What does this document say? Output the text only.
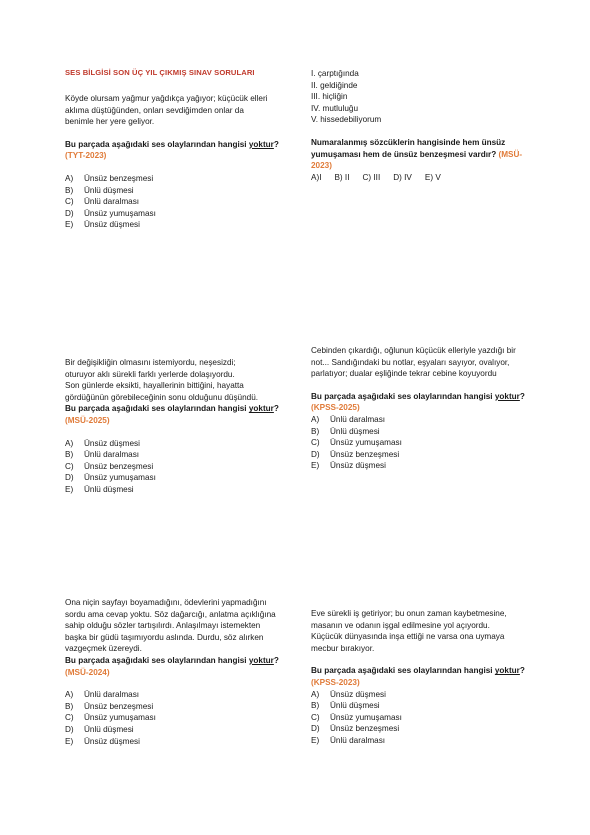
SES BİLGİSİ SON ÜÇ YIL ÇIKMIŞ SINAV SORULARI
Köyde olursam yağmur yağdıkça yağıyor; küçücük elleri
aklıma düştüğünden, onları sevdiğimden onlar da
benimle her yere geliyor.
Bu parçada aşağıdaki ses olaylarından hangisi yoktur?
(TYT-2023)
A)	Ünsüz benzeşmesi
B)	Ünlü düşmesi
C)	Ünlü daralması
D)	Ünsüz yumuşaması
E)	Ünsüz düşmesi
I. çarptığında
II. geldiğinde
III. hiçliğin
IV. mutluluğu
V. hissedebiliyorum
Numaralanmış sözcüklerin hangisinde hem ünsüz
yumuşaması hem de ünsüz benzeşmesi vardır? (MSÜ-
2023)
A)I B) II C) III D) IV E) V
Bir değişikliğin olmasını istemiyordu, neşesizdi;
oturuyor aklı sürekli farklı yerlerde dolaşıyordu.
Son günlerde eksikti, hayallerinin bittiğini, hayatta
gördüğünün görebileceğinin sonu olduğunu düşündü.
Bu parçada aşağıdaki ses olaylarından hangisi yoktur?
(MSÜ-2025)
A)	Ünsüz düşmesi
B)	Ünlü daralması
C)	Ünsüz benzeşmesi
D)	Ünsüz yumuşaması
E)	Ünlü düşmesi
Cebinden çıkardığı, oğlunun küçücük elleriyle yazdığı bir
not... Sandığındaki bu notlar, eşyaları sayıyor, ovalıyor,
parlatıyor; dualar eşliğinde tekrar cebine koyuyordu
Bu parçada aşağıdaki ses olaylarından hangisi yoktur?
(KPSS-2025)
A)	Ünlü daralması
B)	Ünlü düşmesi
C)	Ünsüz yumuşaması
D)	Ünsüz benzeşmesi
E)	Ünsüz düşmesi
Ona niçin sayfayı boyamadığını, ödevlerini yapmadığını
sordu ama cevap yoktu. Söz dağarcığı, anlatma açıklığına
sahip olduğu sözler tartışılırdı. Anlaşılmayı istemekten
başka bir güdü taşımıyordu aslında. Durdu, söz alırken
vazgeçmek üzereydi.
Bu parçada aşağıdaki ses olaylarından hangisi yoktur?
(MSÜ-2024)
A)	Ünlü daralması
B)	Ünsüz benzeşmesi
C)	Ünsüz yumuşaması
D)	Ünlü düşmesi
E)	Ünsüz düşmesi
Eve sürekli iş getiriyor; bu onun zaman kaybetmesine,
masanın ve odanın işgal edilmesine yol açıyordu.
Küçücük dünyasında inşa ettiği ne varsa ona uymaya
mecbur bırakıyor.
Bu parçada aşağıdaki ses olaylarından hangisi yoktur?
(KPSS-2023)
A)	Ünsüz düşmesi
B)	Ünlü düşmesi
C)	Ünsüz yumuşaması
D)	Ünsüz benzeşmesi
E)	Ünlü daralması
